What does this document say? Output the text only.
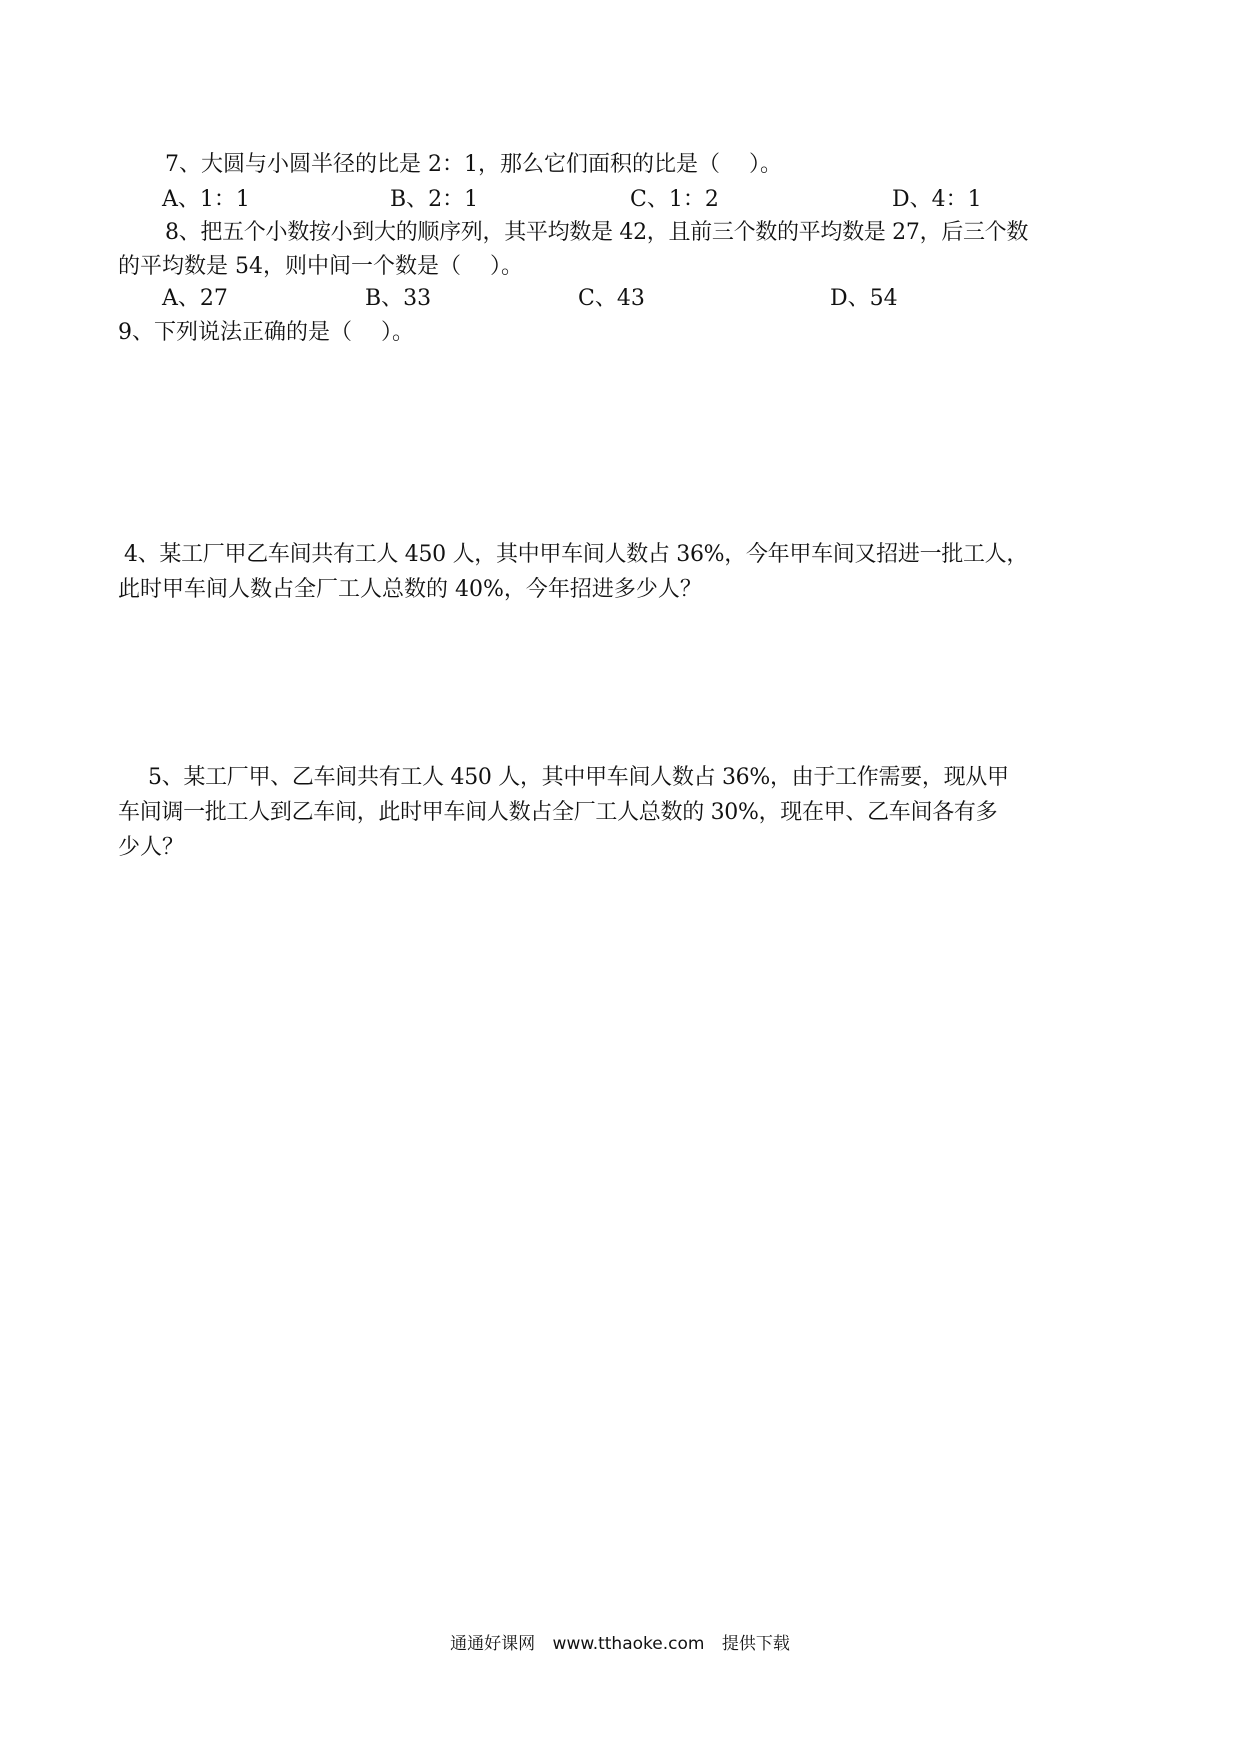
7、大圆与小圆半径的比是 2：1，那么它们面积的比是（　 ）。
A、1：1	B、2：1	C、1：2	D、4：1
8、把五个小数按小到大的顺序列，其平均数是 42，且前三个数的平均数是 27，后三个数
的平均数是 54，则中间一个数是（　 ）。
A、27	B、33	C、43	D、54
9、下列说法正确的是（　 ）。
4、某工厂甲乙车间共有工人 450 人，其中甲车间人数占 36%，今年甲车间又招进一批工人，
此时甲车间人数占全厂工人总数的 40%，今年招进多少人？
5、某工厂甲、乙车间共有工人 450 人，其中甲车间人数占 36%，由于工作需要，现从甲
车间调一批工人到乙车间，此时甲车间人数占全厂工人总数的 30%，现在甲、乙车间各有多
少人？
通通好课网 www.tthaoke.com 提供下载
